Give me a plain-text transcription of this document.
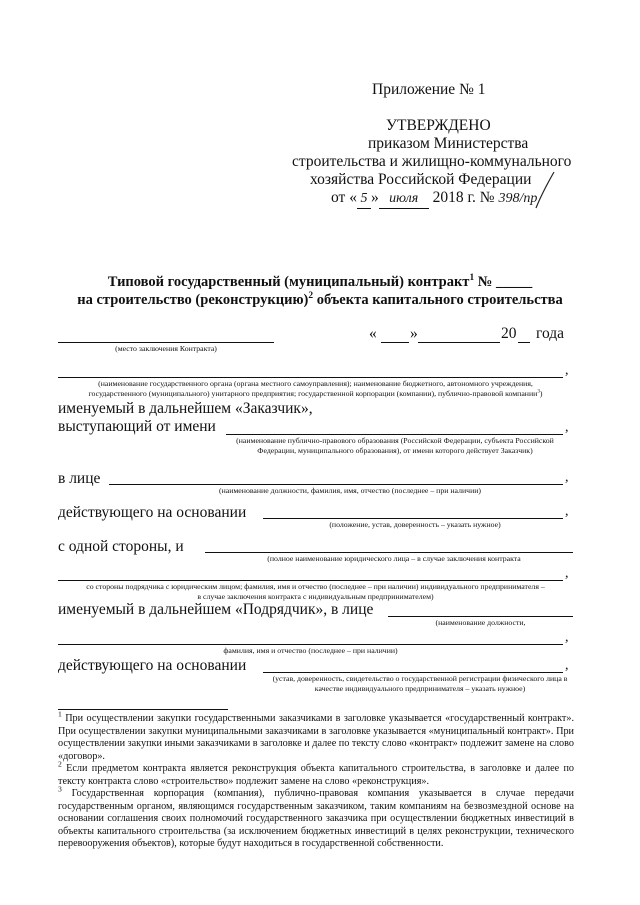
Приложение № 1
УТВЕРЖДЕНО
приказом Министерства
строительства и жилищно-коммунального
хозяйства Российской Федерации
от « 5 » июля 2018 г. № 398/пр
Типовой государственный (муниципальный) контракт$^1$ № _____
на строительство (реконструкцию)$^2$ объекта капитального строительства
(место заключения Контракта)
« »	20 года
,
(наименование государственного органа (органа местного самоуправления); наименование бюджетного, автономного учреждения,
государственного (муниципального) унитарного предприятия; государственной корпорации (компании), публично-правовой компании$^3$)
именуемый в дальнейшем «Заказчик»,
выступающий от имени	,
(наименование публично-правового образования (Российской Федерации, субъекта Российской Федерации, муниципального образования), от имени которого действует Заказчик)
в лице	,
(наименование должности, фамилия, имя, отчество (последнее – при наличии)
действующего на основании	,
(положение, устав, доверенность – указать нужное)
с одной стороны, и
(полное наименование юридического лица – в случае заключения контракта
,
со стороны подрядчика с юридическим лицом; фамилия, имя и отчество (последнее – при наличии) индивидуального предпринимателя –
в случае заключения контракта с индивидуальным предпринимателем)
именуемый в дальнейшем «Подрядчик», в лице
(наименование должности,
,
фамилия, имя и отчество (последнее – при наличии)
действующего на основании	,
(устав, доверенность, свидетельство о государственной регистрации физического лица в качестве индивидуального предпринимателя – указать нужное)
$^1$ При осуществлении закупки государственными заказчиками в заголовке указывается «государственный контракт». При осуществлении закупки муниципальными заказчиками в заголовке указывается «муниципальный контракт». При осуществлении закупки иными заказчиками в заголовке и далее по тексту слово «контракт» подлежит замене на слово «договор».
$^2$ Если предметом контракта является реконструкция объекта капитального строительства, в заголовке и далее по тексту контракта слово «строительство» подлежит замене на слово «реконструкция».
$^3$ Государственная корпорация (компания), публично-правовая компания указывается в случае передачи государственным органом, являющимся государственным заказчиком, таким компаниям на безвозмездной основе на основании соглашения своих полномочий государственного заказчика при осуществлении бюджетных инвестиций в объекты капитального строительства (за исключением бюджетных инвестиций в целях реконструкции, технического перевооружения объектов), которые будут находиться в государственной собственности.
